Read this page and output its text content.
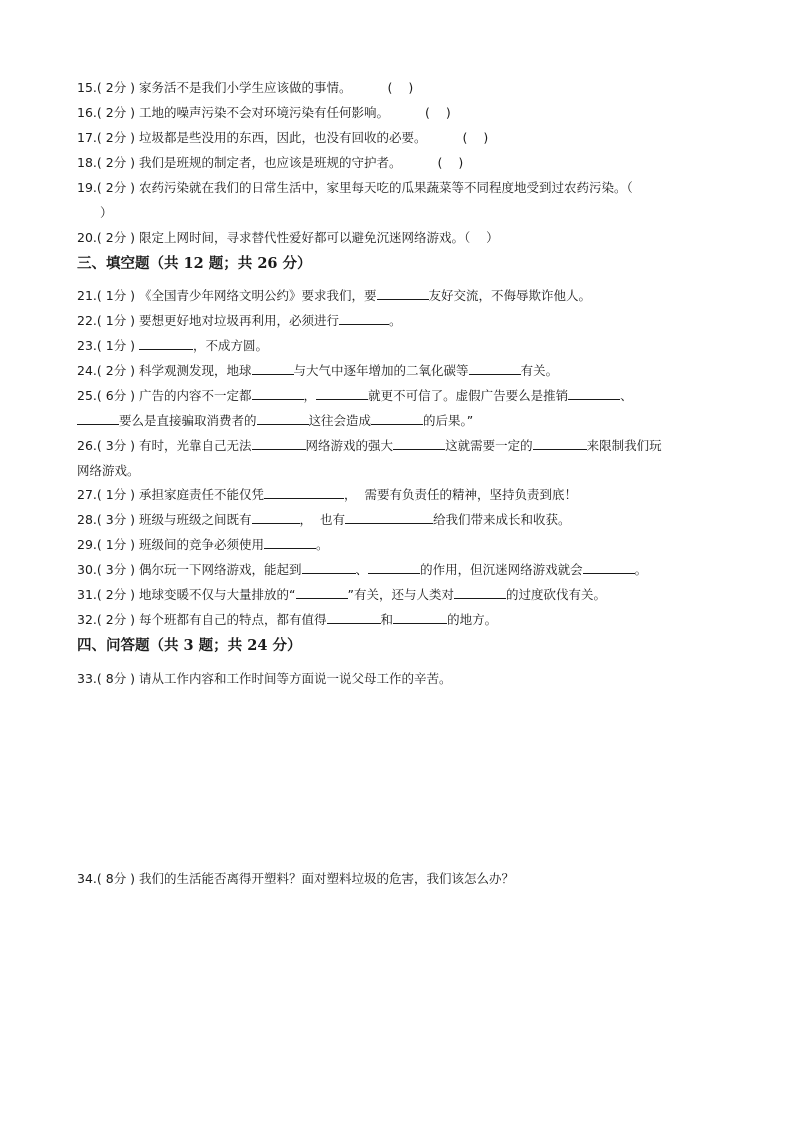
15.( 2分 ) 家务活不是我们小学生应该做的事情。	(    )
16.( 2分 ) 工地的噪声污染不会对环境污染有任何影响。	(    )
17.( 2分 ) 垃圾都是些没用的东西，因此，也没有回收的必要。	(    )
18.( 2分 ) 我们是班规的制定者，也应该是班规的守护者。	(    )
19.( 2分 ) 农药污染就在我们的日常生活中，家里每天吃的瓜果蔬菜等不同程度地受到过农药污染。（
）
20.( 2分 ) 限定上网时间，寻求替代性爱好都可以避免沉迷网络游戏。（    ）
三、填空题（共 12 题；共 26 分）
21.( 1分 ) 《全国青少年网络文明公约》要求我们，要	友好交流，不侮辱欺诈他人。
22.( 1分 ) 要想更好地对垃圾再利用，必须进行	。
23.( 1分 )	，不成方圆。
24.( 2分 ) 科学观测发现，地球	与大气中逐年增加的二氧化碳等	有关。
25.( 6分 ) 广告的内容不一定都	，	就更不可信了。虚假广告要么是推销	、
要么是直接骗取消费者的	这往会造成	的后果。”
26.( 3分 ) 有时，光靠自己无法	网络游戏的强大	这就需要一定的	来限制我们玩
网络游戏。
27.( 1分 ) 承担家庭责任不能仅凭	，  需要有负责任的精神，坚持负责到底！
28.( 3分 ) 班级与班级之间既有	，  也有	给我们带来成长和收获。
29.( 1分 ) 班级间的竞争必须使用	。
30.( 3分 ) 偶尔玩一下网络游戏，能起到	、	的作用，但沉迷网络游戏就会	。
31.( 2分 ) 地球变暖不仅与大量排放的“	”有关，还与人类对	的过度砍伐有关。
32.( 2分 ) 每个班都有自己的特点，都有值得	和	的地方。
四、问答题（共 3 题；共 24 分）
33.( 8分 ) 请从工作内容和工作时间等方面说一说父母工作的辛苦。
34.( 8分 ) 我们的生活能否离得开塑料？面对塑料垃圾的危害，我们该怎么办？
